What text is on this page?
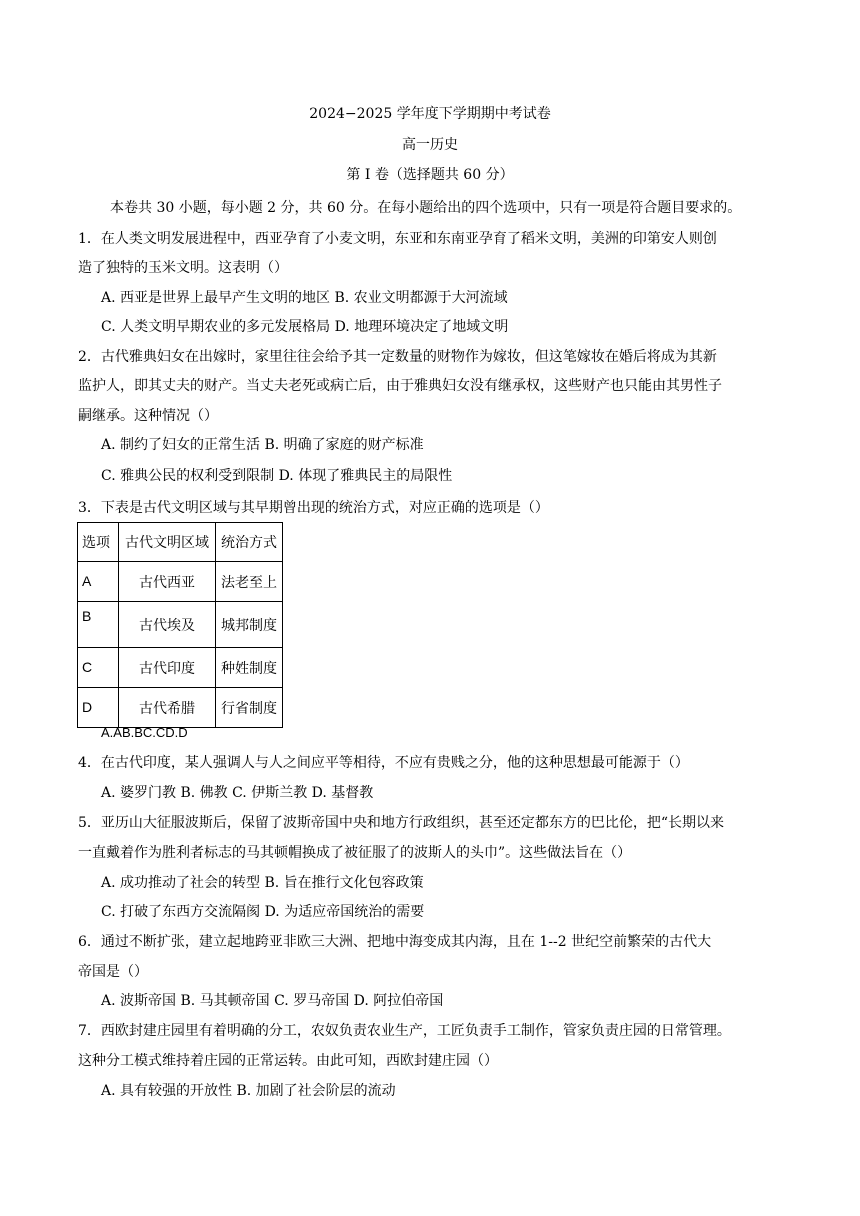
2024−2025 学年度下学期期中考试卷
高一历史
第 I 卷（选择题共 60 分）
本卷共 30 小题，每小题 2 分，共 60 分。在每小题给出的四个选项中，只有一项是符合题目要求的。
1．在人类文明发展进程中，西亚孕育了小麦文明，东亚和东南亚孕育了稻米文明，美洲的印第安人则创
造了独特的玉米文明。这表明（）
A. 西亚是世界上最早产生文明的地区 B. 农业文明都源于大河流域
C. 人类文明早期农业的多元发展格局 D. 地理环境决定了地域文明
2．古代雅典妇女在出嫁时，家里往往会给予其一定数量的财物作为嫁妆，但这笔嫁妆在婚后将成为其新
监护人，即其丈夫的财产。当丈夫老死或病亡后，由于雅典妇女没有继承权，这些财产也只能由其男性子
嗣继承。这种情况（）
A. 制约了妇女的正常生活 B. 明确了家庭的财产标准
C. 雅典公民的权利受到限制 D. 体现了雅典民主的局限性
3．下表是古代文明区域与其早期曾出现的统治方式，对应正确的选项是（）
选项	古代文明区域	统治方式
A	古代西亚	法老至上
B	古代埃及	城邦制度
C	古代印度	种姓制度
D	古代希腊	行省制度
A.AB.BC.CD.D
4．在古代印度，某人强调人与人之间应平等相待，不应有贵贱之分，他的这种思想最可能源于（）
A. 婆罗门教 B. 佛教 C. 伊斯兰教 D. 基督教
5．亚历山大征服波斯后，保留了波斯帝国中央和地方行政组织，甚至还定都东方的巴比伦，把“长期以来
一直戴着作为胜利者标志的马其顿帽换成了被征服了的波斯人的头巾”。这些做法旨在（）
A. 成功推动了社会的转型 B. 旨在推行文化包容政策
C. 打破了东西方交流隔阂 D. 为适应帝国统治的需要
6．通过不断扩张，建立起地跨亚非欧三大洲、把地中海变成其内海，且在 1--2 世纪空前繁荣的古代大
帝国是（）
A. 波斯帝国 B. 马其顿帝国 C. 罗马帝国 D. 阿拉伯帝国
7．西欧封建庄园里有着明确的分工，农奴负责农业生产，工匠负责手工制作，管家负责庄园的日常管理。
这种分工模式维持着庄园的正常运转。由此可知，西欧封建庄园（）
A. 具有较强的开放性 B. 加剧了社会阶层的流动
